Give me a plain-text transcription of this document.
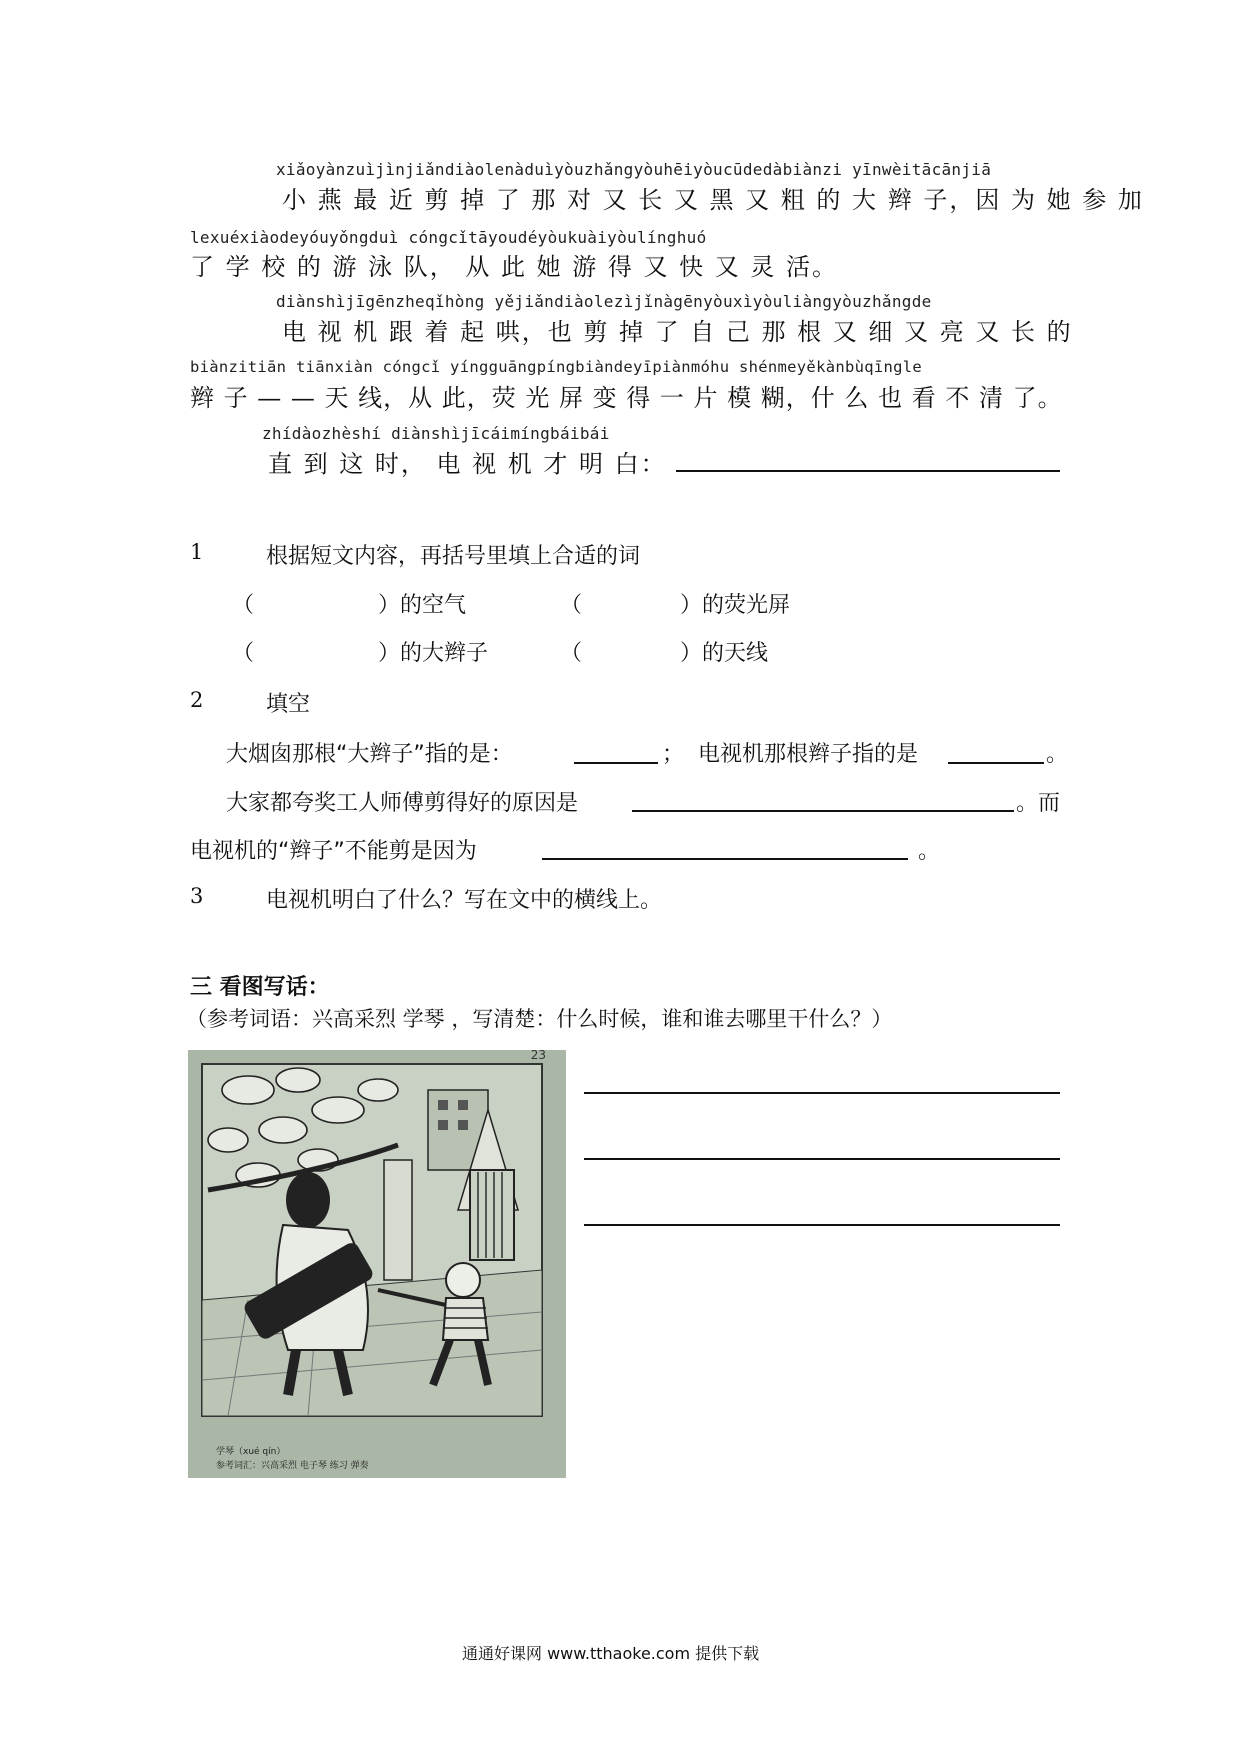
xiǎoyànzuìjìnjiǎndiàolenàduìyòuzhǎngyòuhēiyòucūdedàbiànzi yīnwèitācānjiā
小 燕 最 近 剪 掉 了 那 对 又 长 又 黑 又 粗 的 大 辫 子，因 为 她 参 加
lexuéxiàodeyóuyǒngduì cóngcǐtāyoudéyòukuàiyòulínghuó
了 学 校 的 游 泳 队， 从 此 她 游 得 又 快 又 灵 活。
diànshìjīgēnzheqǐhòng yějiǎndiàolezìjǐnàgēnyòuxìyòuliàngyòuzhǎngde
电 视 机 跟 着 起 哄，也 剪 掉 了 自 己 那 根 又 细 又 亮 又 长 的
biànzitiān tiānxiàn cóngcǐ yíngguāngpíngbiàndeyīpiànmóhu shénmeyěkànbùqīngle
辫 子 — — 天 线，从 此，荧 光 屏 变 得 一 片 模 糊，什 么 也 看 不 清 了。
zhídàozhèshí diànshìjīcáimíngbáibái
直 到 这 时， 电 视 机 才 明 白：
1	根据短文内容，再括号里填上合适的词
（	）的空气	（	）的荧光屏
（	）的大辫子	（	）的天线
2	填空
大烟囱那根“大辫子”指的是：	； 电视机那根辫子指的是	。
大家都夸奖工人师傅剪得好的原因是	。而
电视机的“辫子”不能剪是因为	。
3	电视机明白了什么？写在文中的横线上。
三 看图写话：
（参考词语：兴高采烈 学琴 ，写清楚：什么时候，谁和谁去哪里干什么？）
23
学琴（xué qín）
参考词汇：兴高采烈 电子琴 练习 弹奏
通通好课网 www.tthaoke.com 提供下载
